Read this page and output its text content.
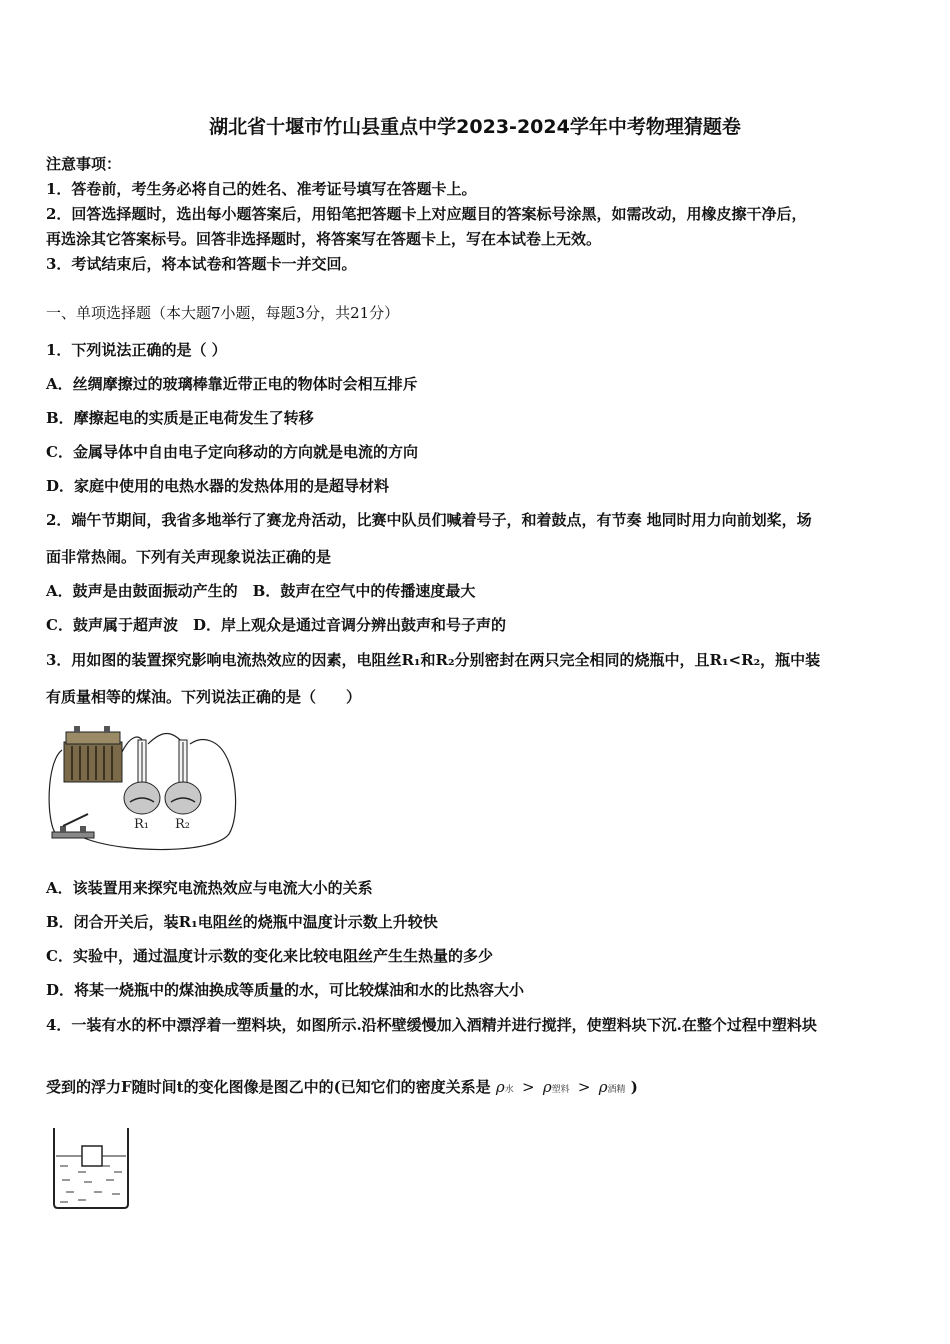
湖北省十堰市竹山县重点中学2023-2024学年中考物理猜题卷
注意事项：
1．答卷前，考生务必将自己的姓名、准考证号填写在答题卡上。
2．回答选择题时，选出每小题答案后，用铅笔把答题卡上对应题目的答案标号涂黑，如需改动，用橡皮擦干净后，
再选涂其它答案标号。回答非选择题时，将答案写在答题卡上，写在本试卷上无效。
3．考试结束后，将本试卷和答题卡一并交回。
一、单项选择题（本大题7小题，每题3分，共21分）
1．下列说法正确的是（ ）
A．丝绸摩擦过的玻璃棒靠近带正电的物体时会相互排斥
B．摩擦起电的实质是正电荷发生了转移
C．金属导体中自由电子定向移动的方向就是电流的方向
D．家庭中使用的电热水器的发热体用的是超导材料
2．端午节期间，我省多地举行了赛龙舟活动，比赛中队员们喊着号子，和着鼓点，有节奏 地同时用力向前划桨，场
面非常热闹。下列有关声现象说法正确的是
A．鼓声是由鼓面振动产生的　B．鼓声在空气中的传播速度最大
C．鼓声属于超声波　D．岸上观众是通过音调分辨出鼓声和号子声的
3．用如图的装置探究影响电流热效应的因素，电阻丝R₁和R₂分别密封在两只完全相同的烧瓶中，且R₁<R₂，瓶中装
有质量相等的煤油。下列说法正确的是（　　）
R₁ R₂
A．该装置用来探究电流热效应与电流大小的关系
B．闭合开关后，装R₁电阻丝的烧瓶中温度计示数上升较快
C．实验中，通过温度计示数的变化来比较电阻丝产生生热量的多少
D．将某一烧瓶中的煤油换成等质量的水，可比较煤油和水的比热容大小
4．一装有水的杯中漂浮着一塑料块，如图所示.沿杯壁缓慢加入酒精并进行搅拌，使塑料块下沉.在整个过程中塑料块
受到的浮力F随时间t的变化图像是图乙中的(已知它们的密度关系是 ρ水 > ρ塑料 > ρ酒精 )
